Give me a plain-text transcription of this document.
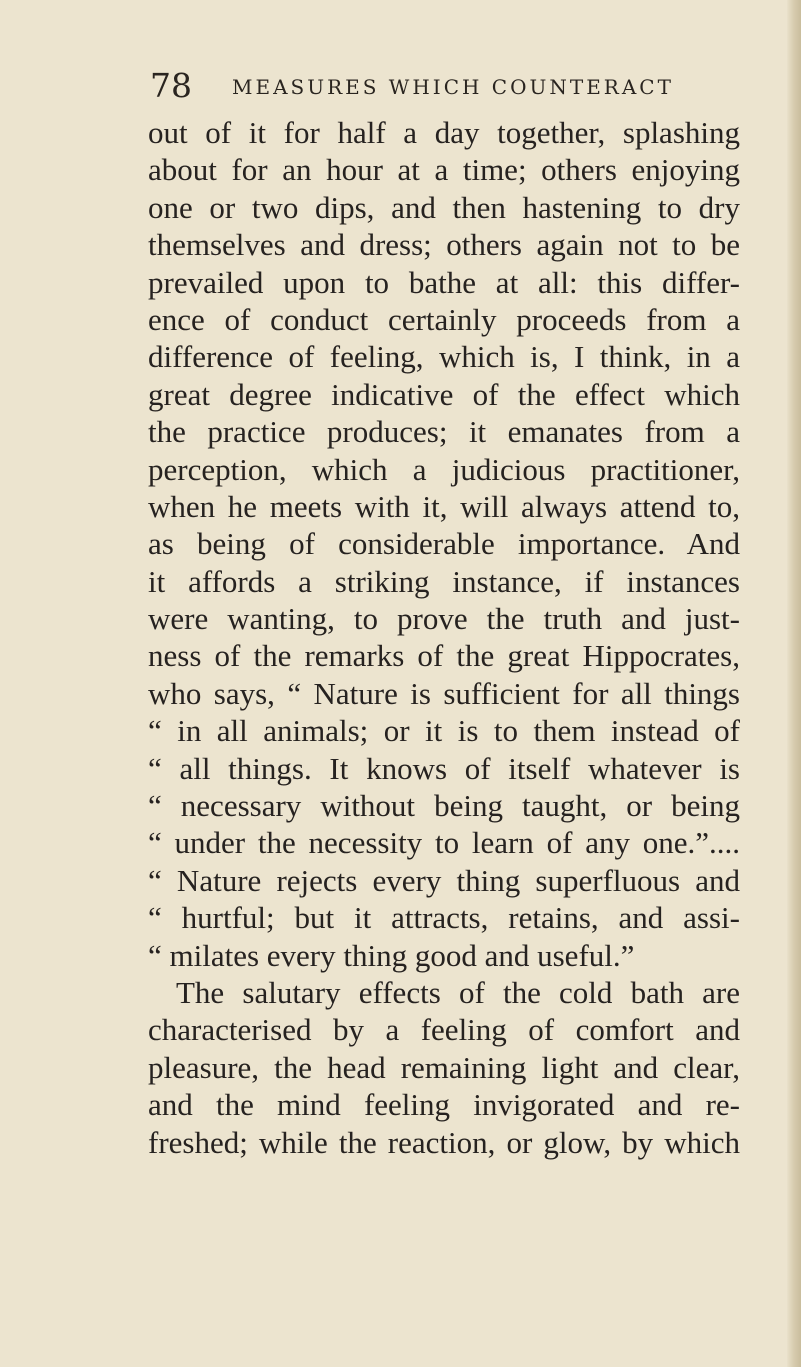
78 MEASURES WHICH COUNTERACT
out of it for half a day together, splashing
about for an hour at a time; others enjoying
one or two dips, and then hastening to dry
themselves and dress; others again not to be
prevailed upon to bathe at all: this differ-
ence of conduct certainly proceeds from a
difference of feeling, which is, I think, in a
great degree indicative of the effect which
the practice produces; it emanates from a
perception, which a judicious practitioner,
when he meets with it, will always attend to,
as being of considerable importance. And
it affords a striking instance, if instances
were wanting, to prove the truth and just-
ness of the remarks of the great Hippocrates,
who says, “ Nature is sufficient for all things
“ in all animals; or it is to them instead of
“ all things. It knows of itself whatever is
“ necessary without being taught, or being
“ under the necessity to learn of any one.”....
“ Nature rejects every thing superfluous and
“ hurtful; but it attracts, retains, and assi-
“ milates every thing good and useful.”
The salutary effects of the cold bath are
characterised by a feeling of comfort and
pleasure, the head remaining light and clear,
and the mind feeling invigorated and re-
freshed; while the reaction, or glow, by which
